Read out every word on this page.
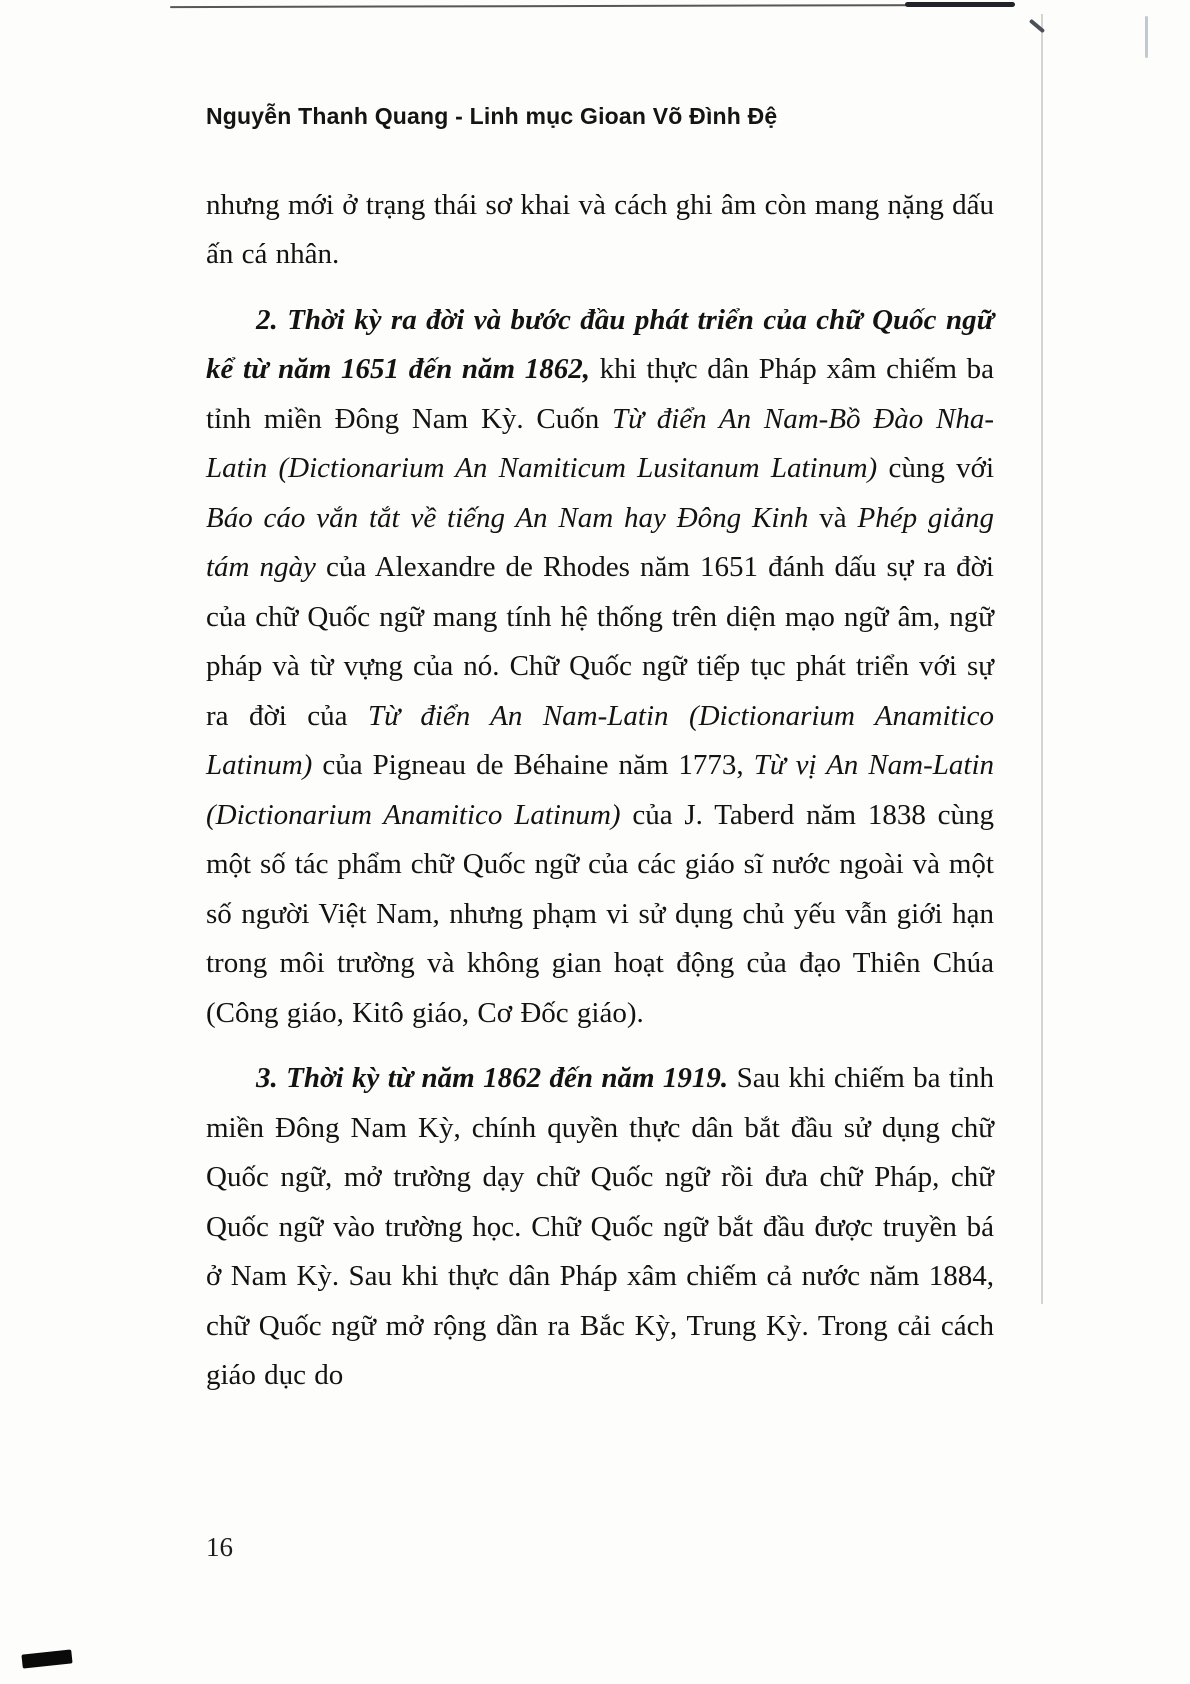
Nguyễn Thanh Quang - Linh mục Gioan Võ Đình Đệ

nhưng mới ở trạng thái sơ khai và cách ghi âm còn mang nặng dấu ấn cá nhân.

2. Thời kỳ ra đời và bước đầu phát triển của chữ Quốc ngữ kể từ năm 1651 đến năm 1862, khi thực dân Pháp xâm chiếm ba tỉnh miền Đông Nam Kỳ. Cuốn Từ điển An Nam-Bồ Đào Nha-Latin (Dictionarium An Namiticum Lusitanum Latinum) cùng với Báo cáo vắn tắt về tiếng An Nam hay Đông Kinh và Phép giảng tám ngày của Alexandre de Rhodes năm 1651 đánh dấu sự ra đời của chữ Quốc ngữ mang tính hệ thống trên diện mạo ngữ âm, ngữ pháp và từ vựng của nó. Chữ Quốc ngữ tiếp tục phát triển với sự ra đời của Từ điển An Nam-Latin (Dictionarium Anamitico Latinum) của Pigneau de Béhaine năm 1773, Từ vị An Nam-Latin (Dictionarium Anamitico Latinum) của J. Taberd năm 1838 cùng một số tác phẩm chữ Quốc ngữ của các giáo sĩ nước ngoài và một số người Việt Nam, nhưng phạm vi sử dụng chủ yếu vẫn giới hạn trong môi trường và không gian hoạt động của đạo Thiên Chúa (Công giáo, Kitô giáo, Cơ Đốc giáo).

3. Thời kỳ từ năm 1862 đến năm 1919. Sau khi chiếm ba tỉnh miền Đông Nam Kỳ, chính quyền thực dân bắt đầu sử dụng chữ Quốc ngữ, mở trường dạy chữ Quốc ngữ rồi đưa chữ Pháp, chữ Quốc ngữ vào trường học. Chữ Quốc ngữ bắt đầu được truyền bá ở Nam Kỳ. Sau khi thực dân Pháp xâm chiếm cả nước năm 1884, chữ Quốc ngữ mở rộng dần ra Bắc Kỳ, Trung Kỳ. Trong cải cách giáo dục do

16
